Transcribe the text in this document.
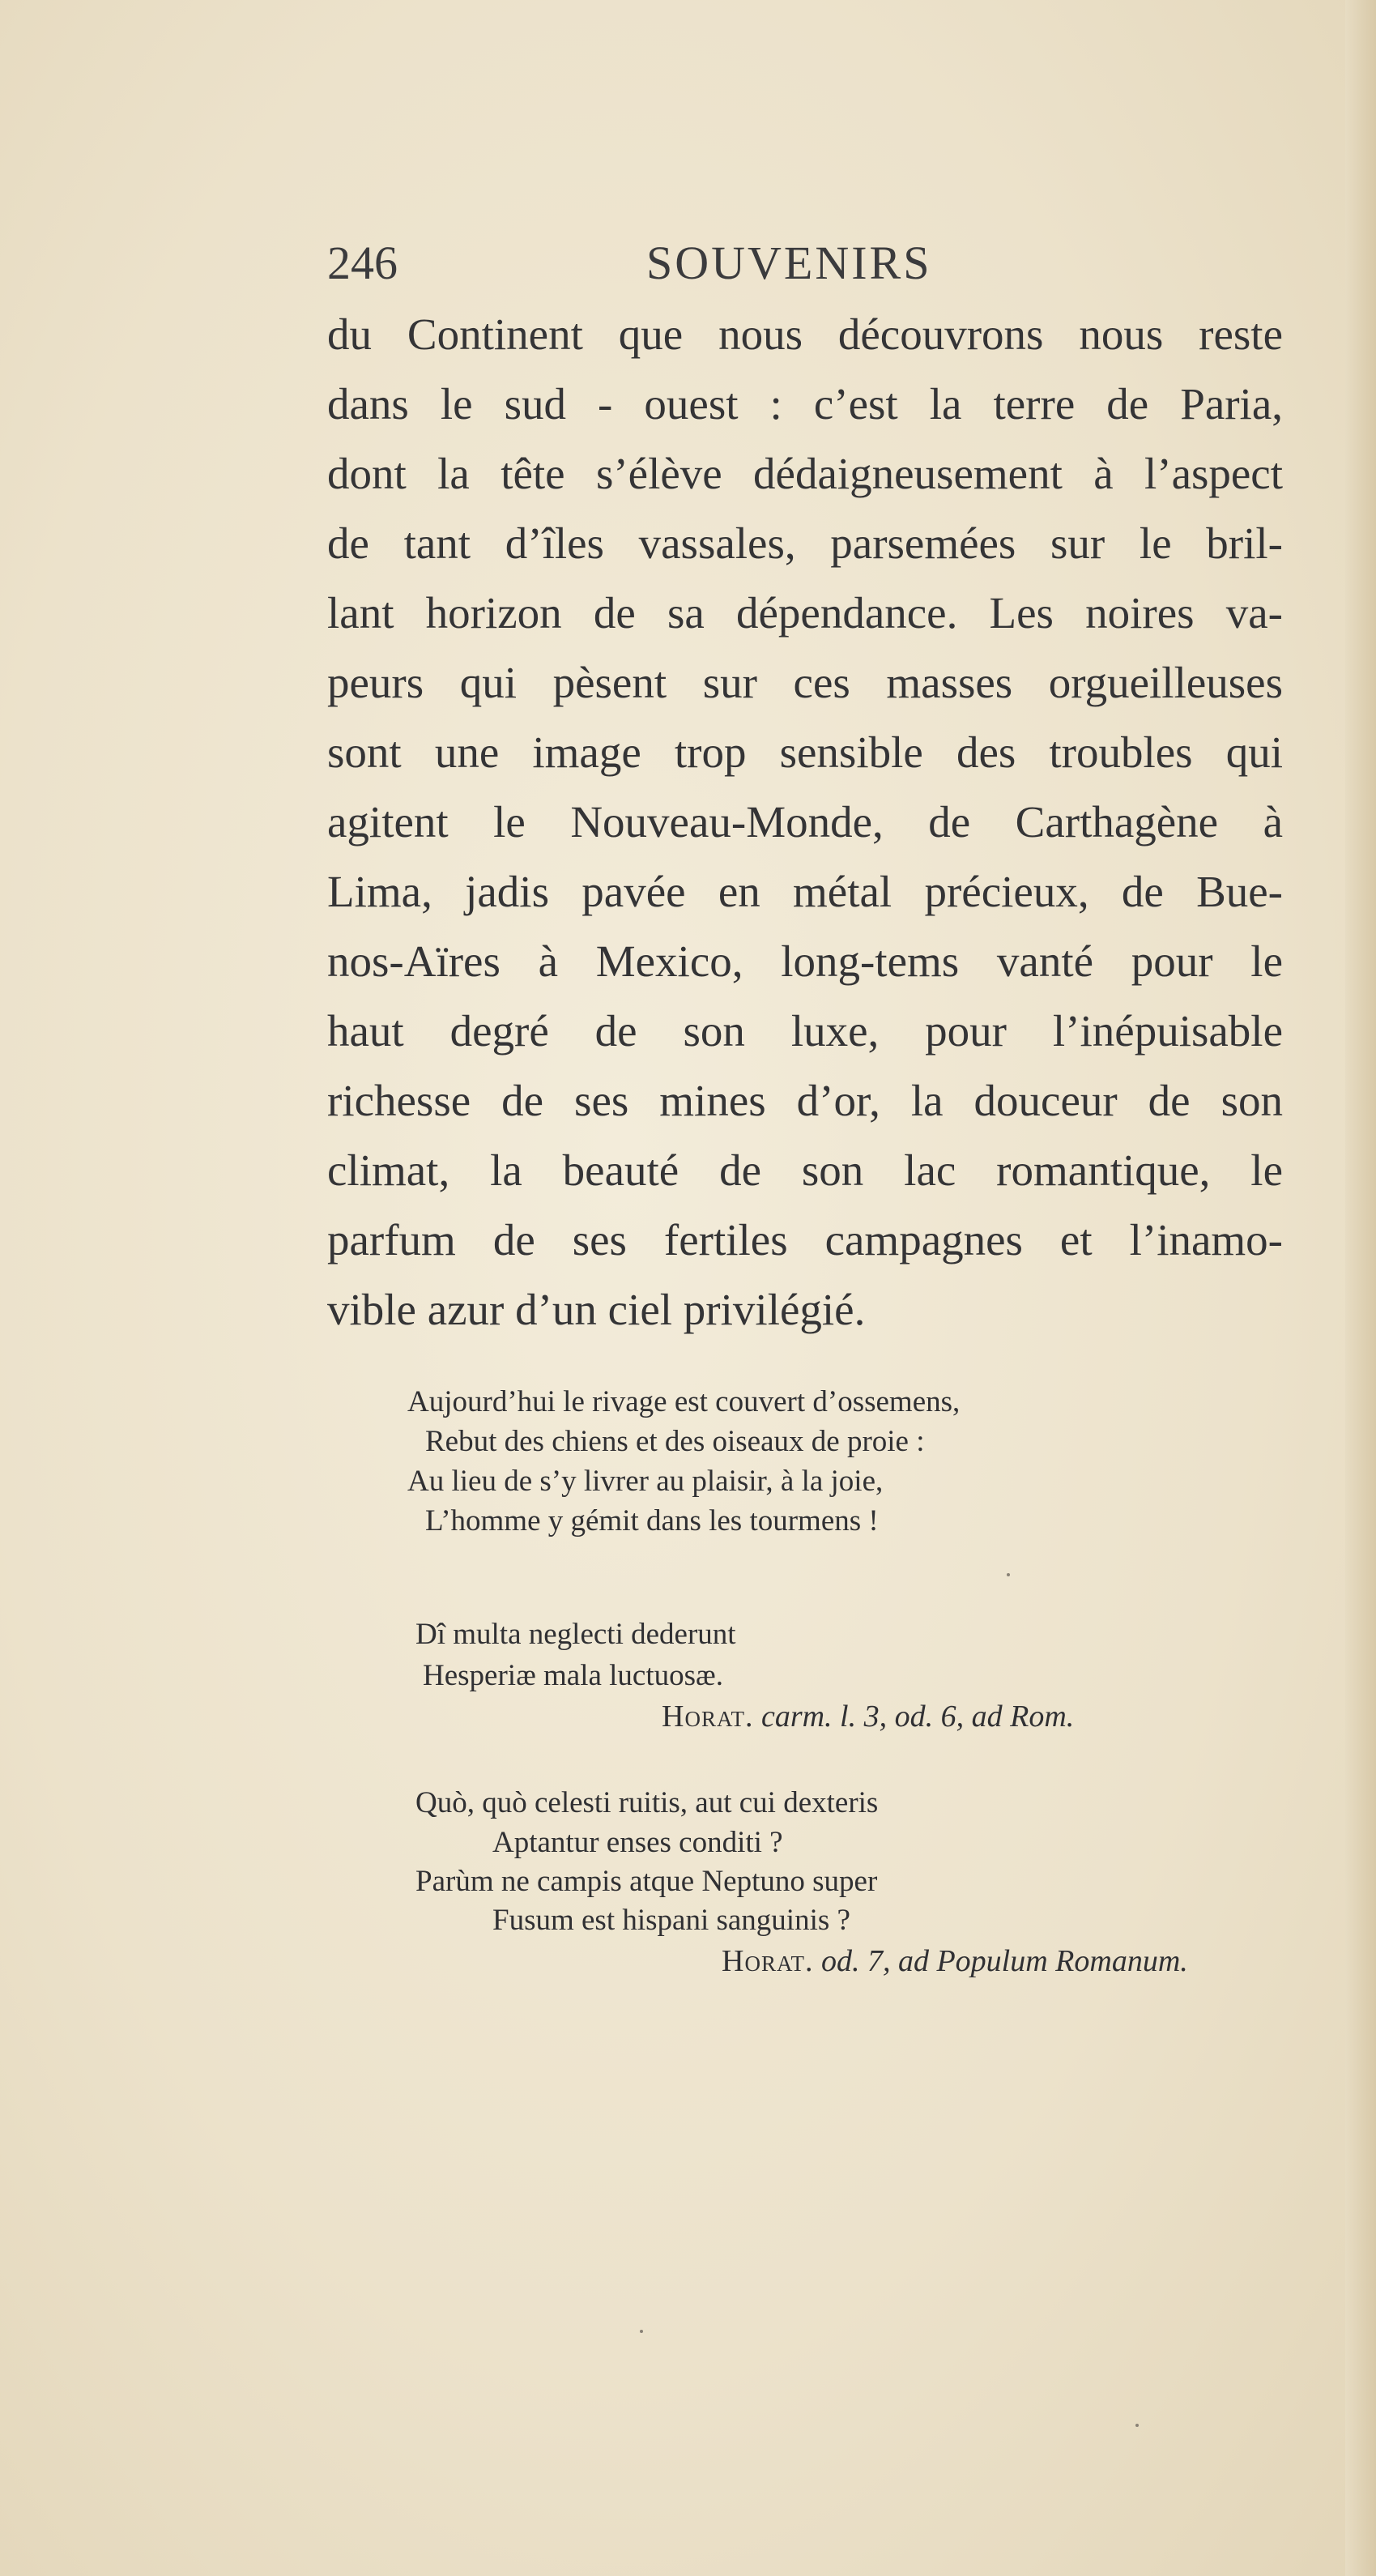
246	SOUVENIRS
du Continent que nous découvrons nous reste
dans le sud - ouest : c’est la terre de Paria,
dont la tête s’élève dédaigneusement à l’aspect
de tant d’îles vassales, parsemées sur le bril-
lant horizon de sa dépendance. Les noires va-
peurs qui pèsent sur ces masses orgueilleuses
sont une image trop sensible des troubles qui
agitent le Nouveau-Monde, de Carthagène à
Lima, jadis pavée en métal précieux, de Bue-
nos-Aïres à Mexico, long-tems vanté pour le
haut degré de son luxe, pour l’inépuisable
richesse de ses mines d’or, la douceur de son
climat, la beauté de son lac romantique, le
parfum de ses fertiles campagnes et l’inamo-
vible azur d’un ciel privilégié.
Aujourd’hui le rivage est couvert d’ossemens,
Rebut des chiens et des oiseaux de proie :
Au lieu de s’y livrer au plaisir, à la joie,
L’homme y gémit dans les tourmens !
Dî multa neglecti dederunt
Hesperiæ mala luctuosæ.
Horat. carm. l. 3, od. 6, ad Rom.
Quò, quò celesti ruitis, aut cui dexteris
Aptantur enses conditi ?
Parùm ne campis atque Neptuno super
Fusum est hispani sanguinis ?
Horat. od. 7, ad Populum Romanum.
